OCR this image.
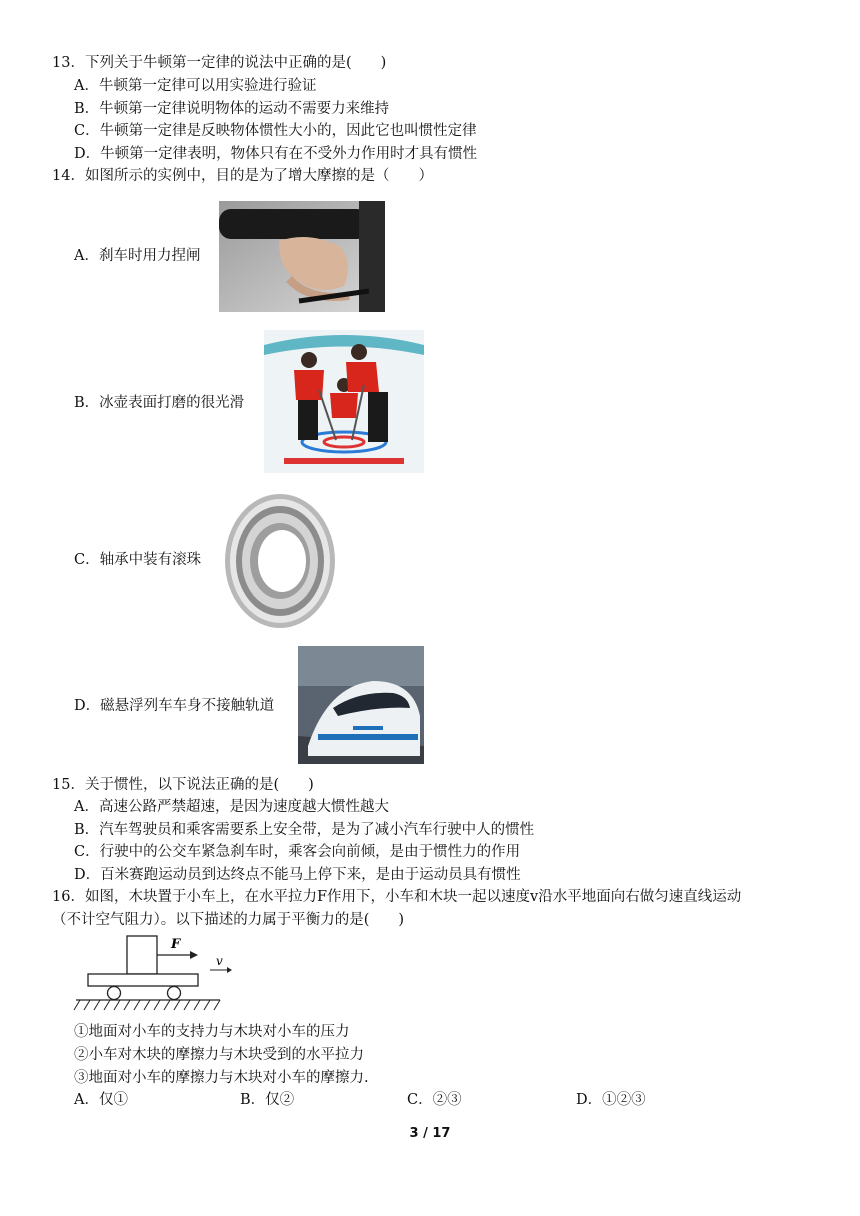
13．下列关于牛顿第一定律的说法中正确的是(　　)
A．牛顿第一定律可以用实验进行验证
B．牛顿第一定律说明物体的运动不需要力来维持
C．牛顿第一定律是反映物体惯性大小的，因此它也叫惯性定律
D．牛顿第一定律表明，物体只有在不受外力作用时才具有惯性
14．如图所示的实例中，目的是为了增大摩擦的是（　　）
A．刹车时用力捏闸
B．冰壶表面打磨的很光滑
C．轴承中装有滚珠
D．磁悬浮列车车身不接触轨道
15．关于惯性，以下说法正确的是(　　)
A．高速公路严禁超速，是因为速度越大惯性越大
B．汽车驾驶员和乘客需要系上安全带，是为了减小汽车行驶中人的惯性
C．行驶中的公交车紧急刹车时，乘客会向前倾，是由于惯性力的作用
D．百米赛跑运动员到达终点不能马上停下来，是由于运动员具有惯性
16．如图，木块置于小车上，在水平拉力F作用下，小车和木块一起以速度v沿水平地面向右做匀速直线运动
（不计空气阻力）。以下描述的力属于平衡力的是(　　)
F
v
①地面对小车的支持力与木块对小车的压力
②小车对木块的摩擦力与木块受到的水平拉力
③地面对小车的摩擦力与木块对小车的摩擦力.
A．仅①	B．仅②	C．②③	D．①②③
3 / 17
